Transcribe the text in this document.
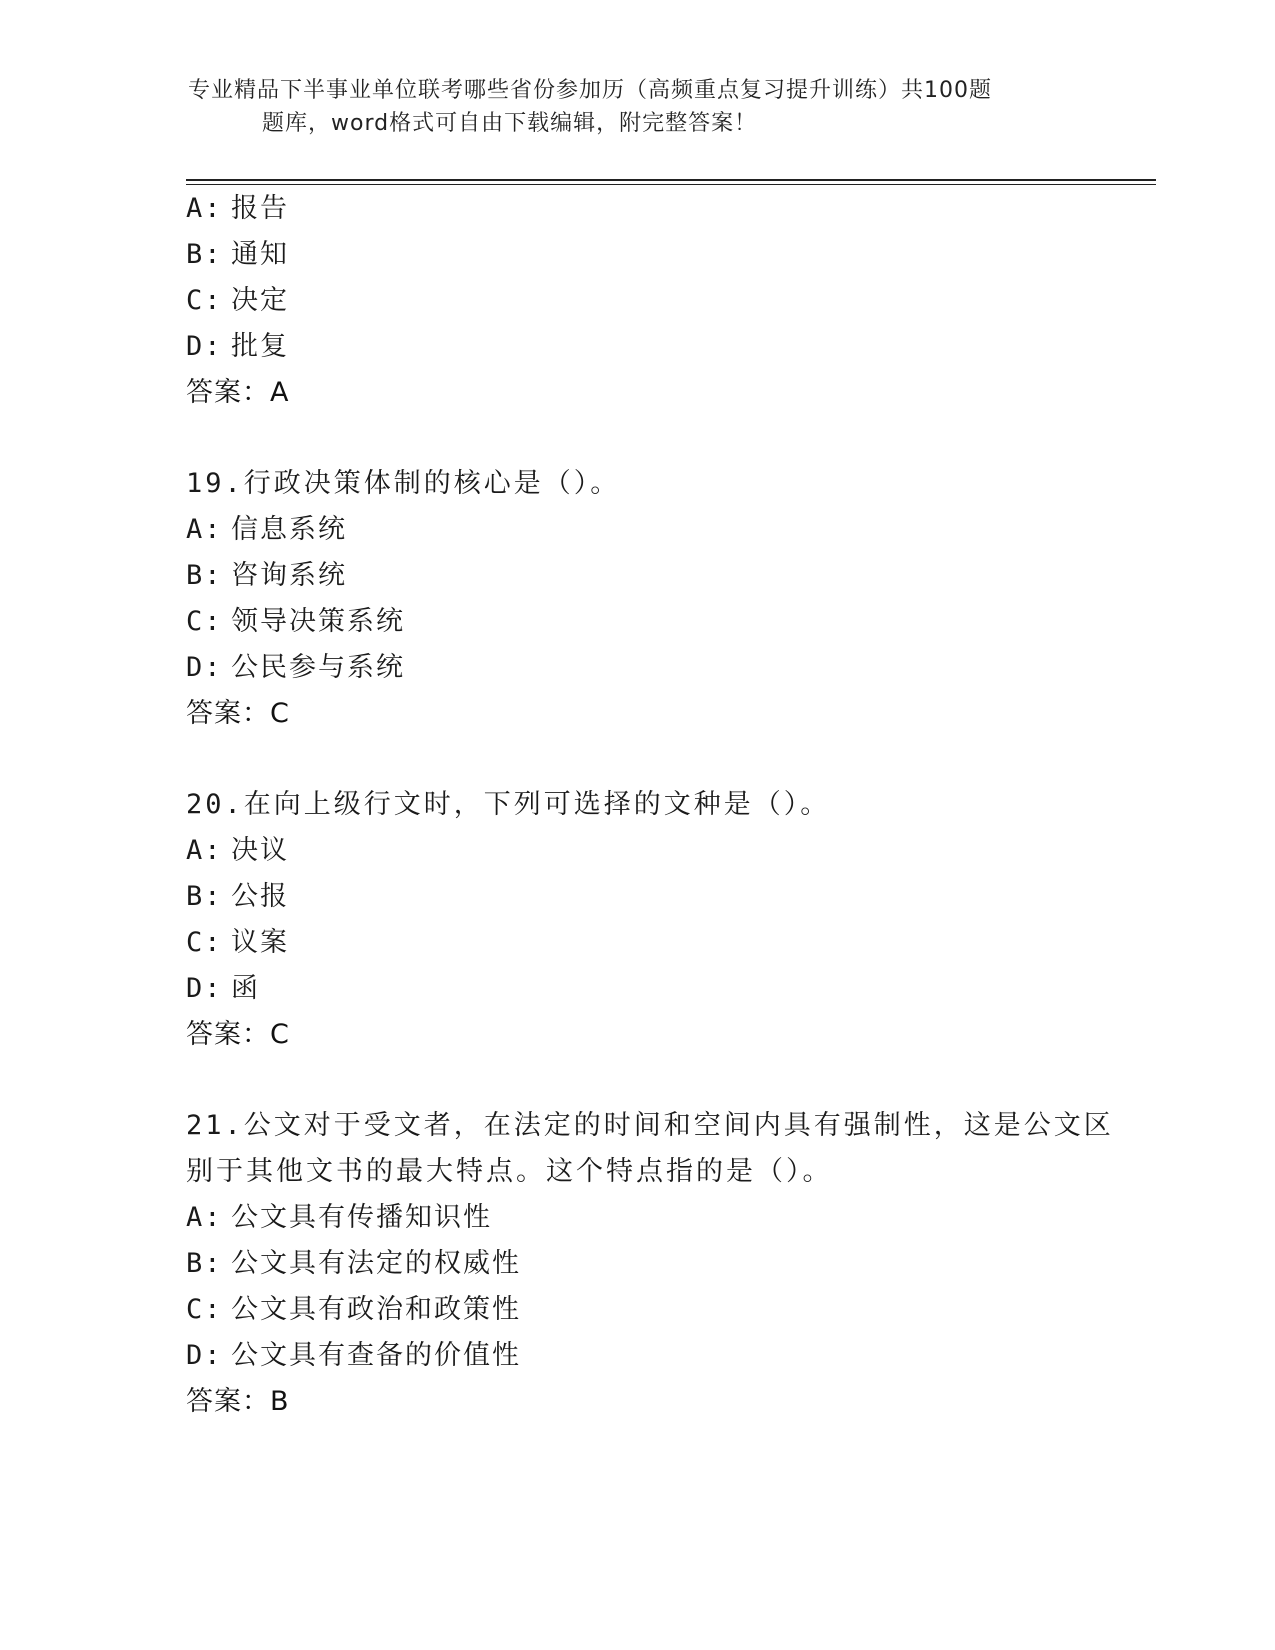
专业精品下半事业单位联考哪些省份参加历（高频重点复习提升训练）共100题
题库，word格式可自由下载编辑，附完整答案！
A: 报告
B: 通知
C: 决定
D: 批复
答案：A
19.行政决策体制的核心是（）。
A: 信息系统
B: 咨询系统
C: 领导决策系统
D: 公民参与系统
答案：C
20.在向上级行文时，下列可选择的文种是（）。
A: 决议
B: 公报
C: 议案
D: 函
答案：C
21.公文对于受文者，在法定的时间和空间内具有强制性，这是公文区
别于其他文书的最大特点。这个特点指的是（）。
A: 公文具有传播知识性
B: 公文具有法定的权威性
C: 公文具有政治和政策性
D: 公文具有查备的价值性
答案：B
